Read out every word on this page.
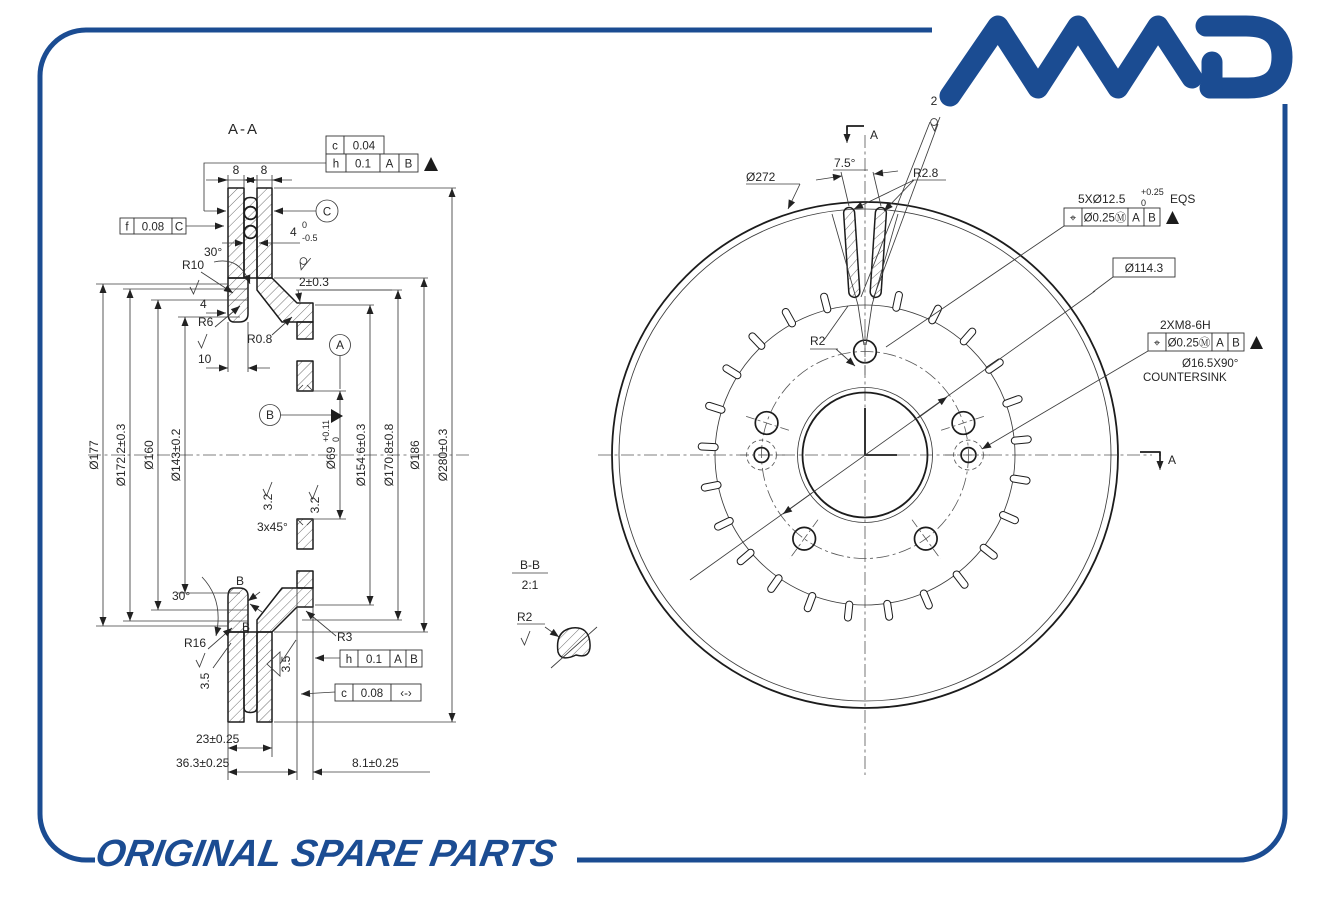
A-A
8 8
c 0.04
h 0.1 A B
f 0.08 C
C
4 0
-0.5
30°
R10
2±0.3
4
R6
R0.8
10
A
B
Ø177 Ø172.2±0.3 Ø160 Ø143±0.2	Ø69
+0.11 0 Ø154.6±0.3 Ø170.8±0.8 Ø186 Ø280±0.3
3.2	3.2
3x45°
30°
B
B
R16
3.5
3.5
R3
h 0.1 A B
c 0.08 ‹-›
23±0.25
36.3±0.25	8.1±0.25
Ø272
7.5°
R2.8
2
5XØ12.5 +0.25
0 EQS
⌖ Ø0.25Ⓜ A B
Ø114.3
2XM8-6H
⌖ Ø0.25Ⓜ A B
Ø16.5X90°
COUNTERSINK
R2
A
A
B-B
2:1
R2
ORIGINAL SPARE PARTS
